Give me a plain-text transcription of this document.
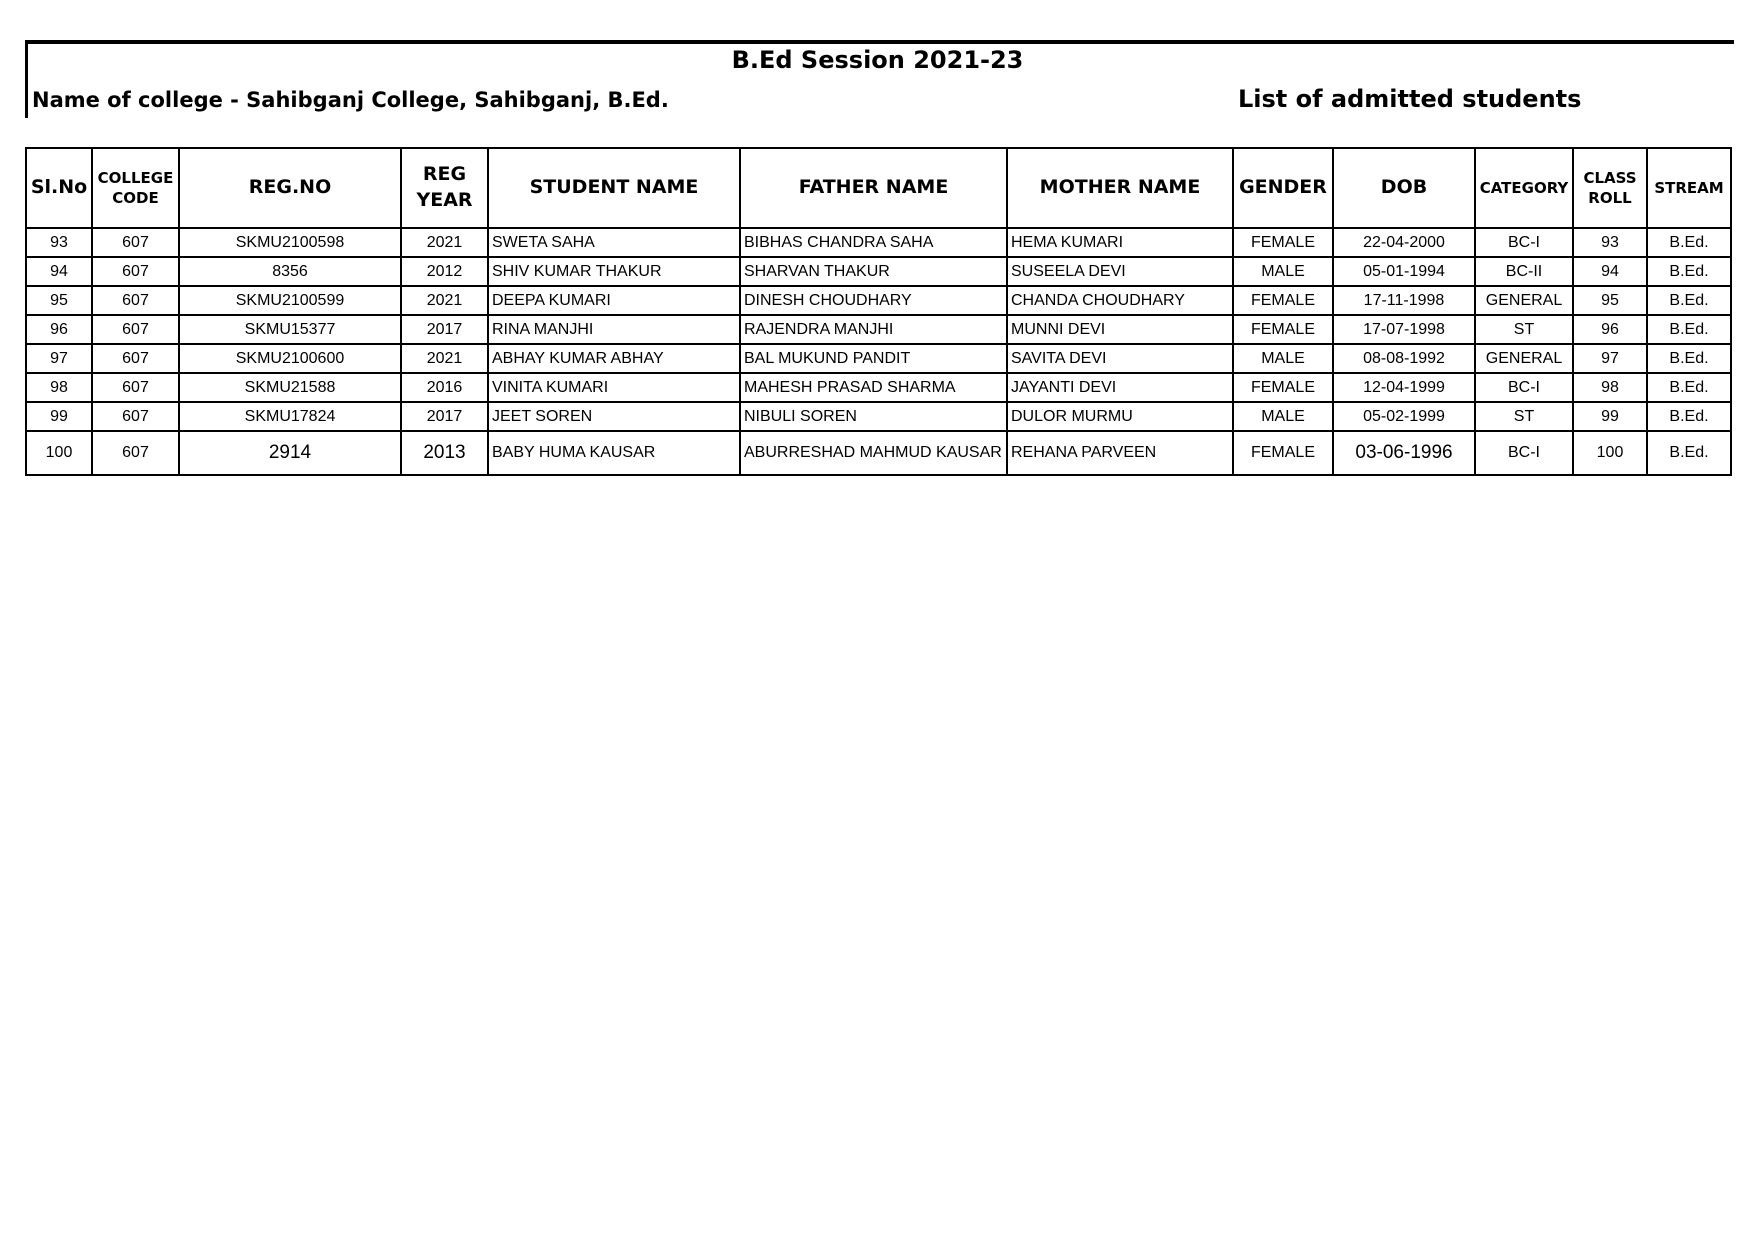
B.Ed Session 2021-23
Name of college - Sahibganj College, Sahibganj, B.Ed.	List of admitted students
Sl.No	COLLEGE CODE	REG.NO	REG YEAR	STUDENT NAME	FATHER NAME	MOTHER NAME	GENDER	DOB	CATEGORY	CLASS ROLL	STREAM
93	607	SKMU2100598	2021	SWETA SAHA	BIBHAS CHANDRA SAHA	HEMA KUMARI	FEMALE	22-04-2000	BC-I	93	B.Ed.
94	607	8356	2012	SHIV KUMAR THAKUR	SHARVAN THAKUR	SUSEELA DEVI	MALE	05-01-1994	BC-II	94	B.Ed.
95	607	SKMU2100599	2021	DEEPA KUMARI	DINESH CHOUDHARY	CHANDA CHOUDHARY	FEMALE	17-11-1998	GENERAL	95	B.Ed.
96	607	SKMU15377	2017	RINA MANJHI	RAJENDRA MANJHI	MUNNI DEVI	FEMALE	17-07-1998	ST	96	B.Ed.
97	607	SKMU2100600	2021	ABHAY KUMAR ABHAY	BAL MUKUND PANDIT	SAVITA DEVI	MALE	08-08-1992	GENERAL	97	B.Ed.
98	607	SKMU21588	2016	VINITA KUMARI	MAHESH PRASAD SHARMA	JAYANTI DEVI	FEMALE	12-04-1999	BC-I	98	B.Ed.
99	607	SKMU17824	2017	JEET SOREN	NIBULI SOREN	DULOR MURMU	MALE	05-02-1999	ST	99	B.Ed.
100	607	2914	2013	BABY HUMA KAUSAR	ABURRESHAD MAHMUD KAUSAR	REHANA PARVEEN	FEMALE	03-06-1996	BC-I	100	B.Ed.
